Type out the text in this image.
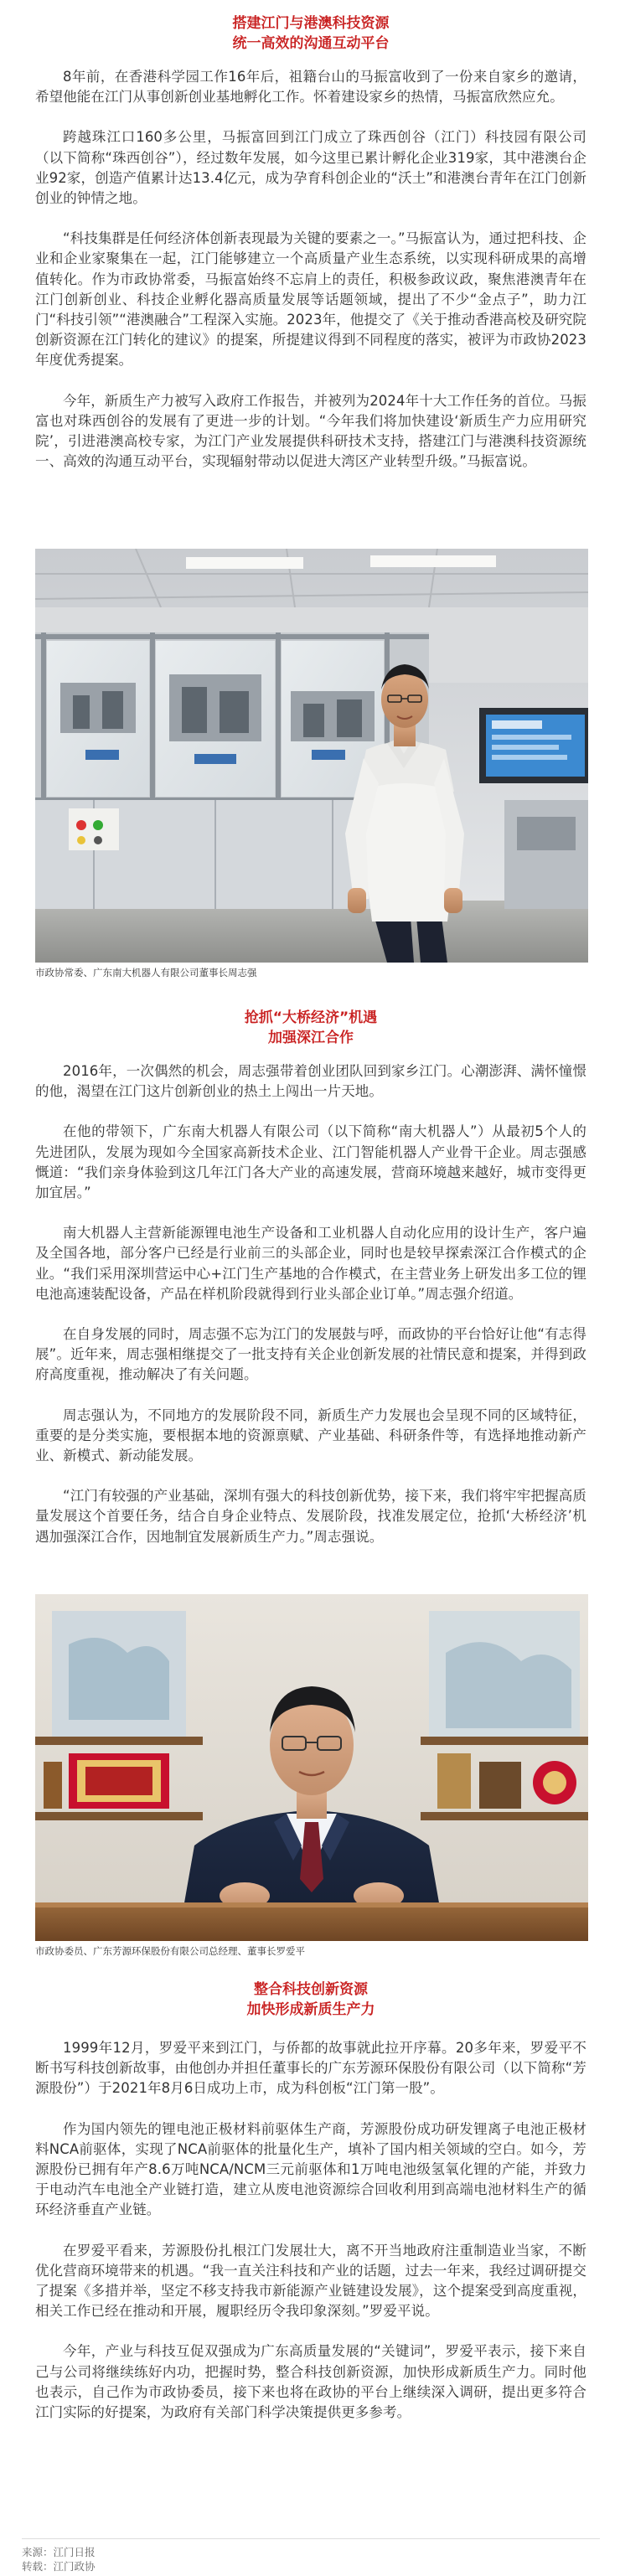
搭建江门与港澳科技资源
统一高效的沟通互动平台

8年前，在香港科学园工作16年后，祖籍台山的马振富收到了一份来自家乡的邀请，希望他能在江门从事创新创业基地孵化工作。怀着建设家乡的热情，马振富欣然应允。

跨越珠江口160多公里，马振富回到江门成立了珠西创谷（江门）科技园有限公司（以下简称“珠西创谷”），经过数年发展，如今这里已累计孵化企业319家，其中港澳台企业92家，创造产值累计达13.4亿元，成为孕育科创企业的“沃土”和港澳台青年在江门创新创业的钟情之地。

“科技集群是任何经济体创新表现最为关键的要素之一。”马振富认为，通过把科技、企业和企业家聚集在一起，江门能够建立一个高质量产业生态系统，以实现科研成果的高增值转化。作为市政协常委，马振富始终不忘肩上的责任，积极参政议政，聚焦港澳青年在江门创新创业、科技企业孵化器高质量发展等话题领域，提出了不少“金点子”，助力江门“科技引领”“港澳融合”工程深入实施。2023年，他提交了《关于推动香港高校及研究院创新资源在江门转化的建议》的提案，所提建议得到不同程度的落实，被评为市政协2023年度优秀提案。

今年，新质生产力被写入政府工作报告，并被列为2024年十大工作任务的首位。马振富也对珠西创谷的发展有了更进一步的计划。“今年我们将加快建设‘新质生产力应用研究院’，引进港澳高校专家，为江门产业发展提供科研技术支持，搭建江门与港澳科技资源统一、高效的沟通互动平台，实现辐射带动以促进大湾区产业转型升级。”马振富说。

市政协常委、广东南大机器人有限公司董事长周志强
抢抓“大桥经济”机遇
加强深江合作

2016年，一次偶然的机会，周志强带着创业团队回到家乡江门。心潮澎湃、满怀憧憬的他，渴望在江门这片创新创业的热土上闯出一片天地。

在他的带领下，广东南大机器人有限公司（以下简称“南大机器人”）从最初5个人的先进团队，发展为现如今全国家高新技术企业、江门智能机器人产业骨干企业。周志强感慨道：“我们亲身体验到这几年江门各大产业的高速发展，营商环境越来越好，城市变得更加宜居。”

南大机器人主营新能源锂电池生产设备和工业机器人自动化应用的设计生产，客户遍及全国各地，部分客户已经是行业前三的头部企业，同时也是较早探索深江合作模式的企业。“我们采用深圳营运中心+江门生产基地的合作模式，在主营业务上研发出多工位的锂电池高速装配设备，产品在样机阶段就得到行业头部企业订单。”周志强介绍道。

在自身发展的同时，周志强不忘为江门的发展鼓与呼，而政协的平台恰好让他“有志得展”。近年来，周志强相继提交了一批支持有关企业创新发展的社情民意和提案，并得到政府高度重视，推动解决了有关问题。

周志强认为，不同地方的发展阶段不同，新质生产力发展也会呈现不同的区域特征，重要的是分类实施，要根据本地的资源禀赋、产业基础、科研条件等，有选择地推动新产业、新模式、新动能发展。

“江门有较强的产业基础，深圳有强大的科技创新优势，接下来，我们将牢牢把握高质量发展这个首要任务，结合自身企业特点、发展阶段，找准发展定位，抢抓‘大桥经济’机遇加强深江合作，因地制宜发展新质生产力。”周志强说。

市政协委员、广东芳源环保股份有限公司总经理、董事长罗爱平
整合科技创新资源
加快形成新质生产力

1999年12月，罗爱平来到江门，与侨都的故事就此拉开序幕。20多年来，罗爱平不断书写科技创新故事，由他创办并担任董事长的广东芳源环保股份有限公司（以下简称“芳源股份”）于2021年8月6日成功上市，成为科创板“江门第一股”。

作为国内领先的锂电池正极材料前驱体生产商，芳源股份成功研发锂离子电池正极材料NCA前驱体，实现了NCA前驱体的批量化生产，填补了国内相关领域的空白。如今，芳源股份已拥有年产8.6万吨NCA/NCM三元前驱体和1万吨电池级氢氧化锂的产能，并致力于电动汽车电池全产业链打造，建立从废电池资源综合回收利用到高端电池材料生产的循环经济垂直产业链。

在罗爱平看来，芳源股份扎根江门发展壮大，离不开当地政府注重制造业当家，不断优化营商环境带来的机遇。“我一直关注科技和产业的话题，过去一年来，我经过调研提交了提案《多措并举，坚定不移支持我市新能源产业链建设发展》，这个提案受到高度重视，相关工作已经在推动和开展，履职经历令我印象深刻。”罗爱平说。

今年，产业与科技互促双强成为广东高质量发展的“关键词”，罗爱平表示，接下来自己与公司将继续练好内功，把握时势，整合科技创新资源，加快形成新质生产力。同时他也表示，自己作为市政协委员，接下来也将在政协的平台上继续深入调研，提出更多符合江门实际的好提案，为政府有关部门科学决策提供更多参考。

来源：江门日报
转载：江门政协
